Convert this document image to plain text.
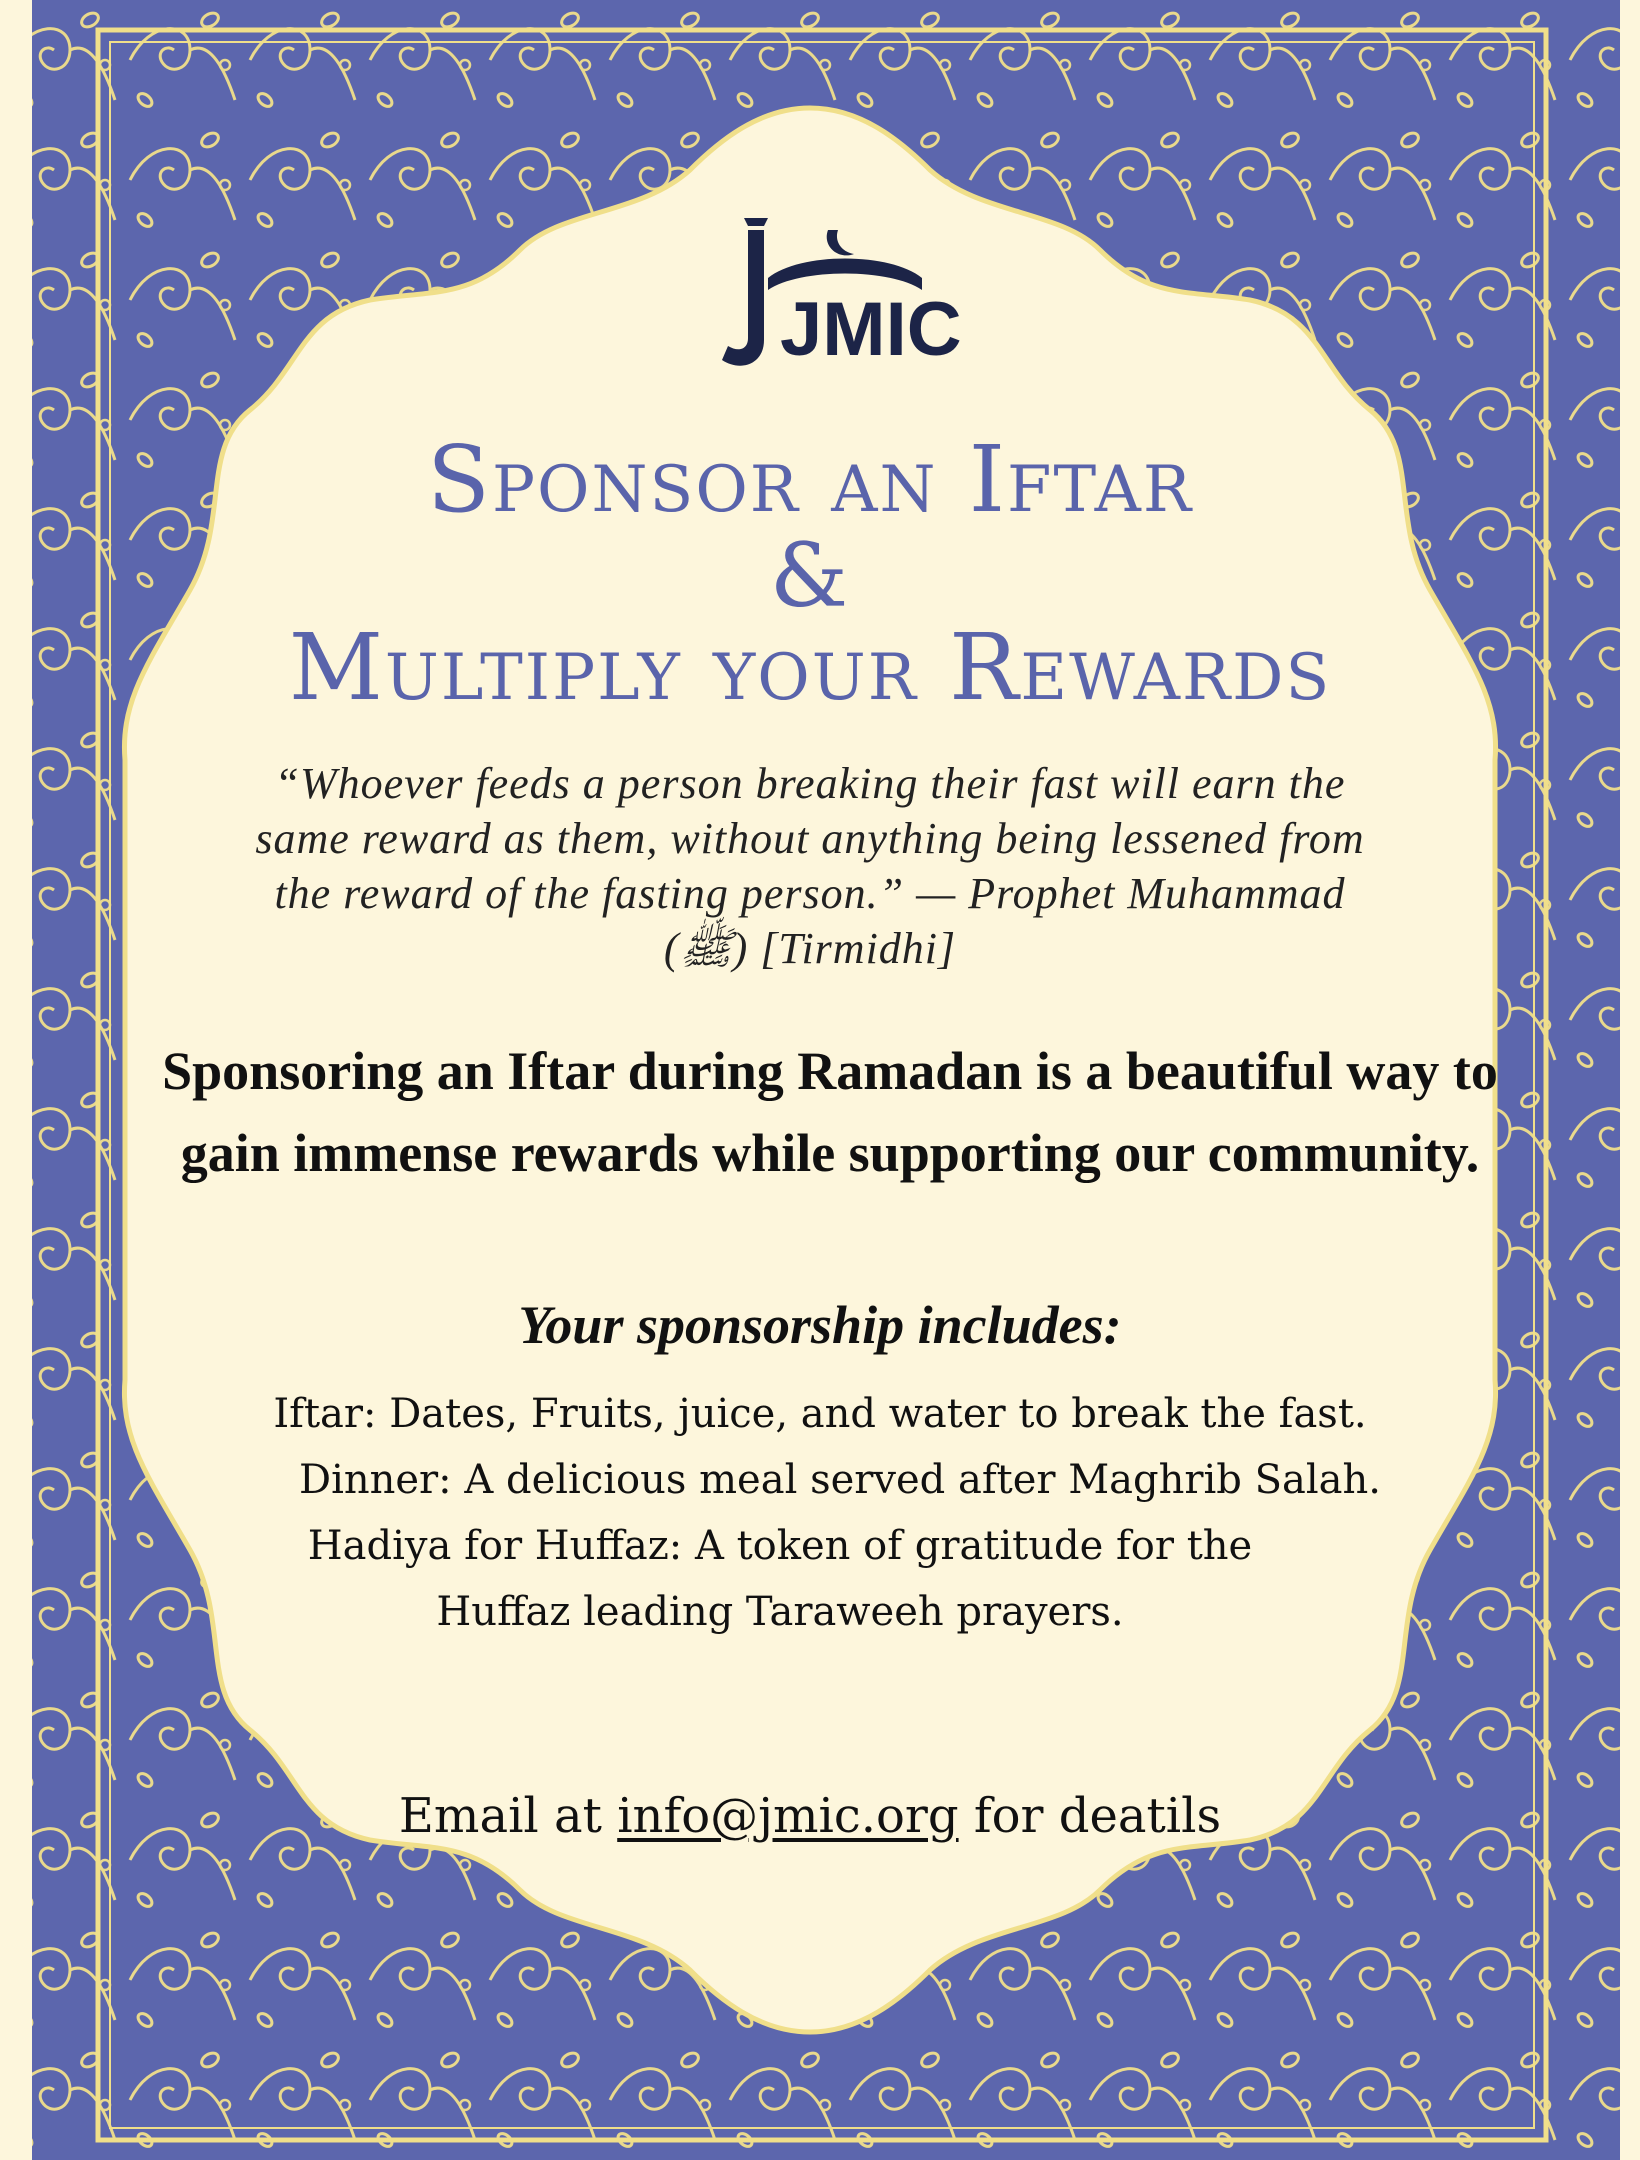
JMIC
Sponsor an Iftar
&
Multiply your Rewards
“Whoever feeds a person breaking their fast will earn the same reward as them, without anything being lessened from the reward of the fasting person.” — Prophet Muhammad (ﷺ) [Tirmidhi]
Sponsoring an Iftar during Ramadan is a beautiful way to gain immense rewards while supporting our community.
Your sponsorship includes:
Iftar: Dates, Fruits, juice, and water to break the fast.
Dinner: A delicious meal served after Maghrib Salah.
Hadiya for Huffaz: A token of gratitude for the
Huffaz leading Taraweeh prayers.
Email at info@jmic.org for deatils
